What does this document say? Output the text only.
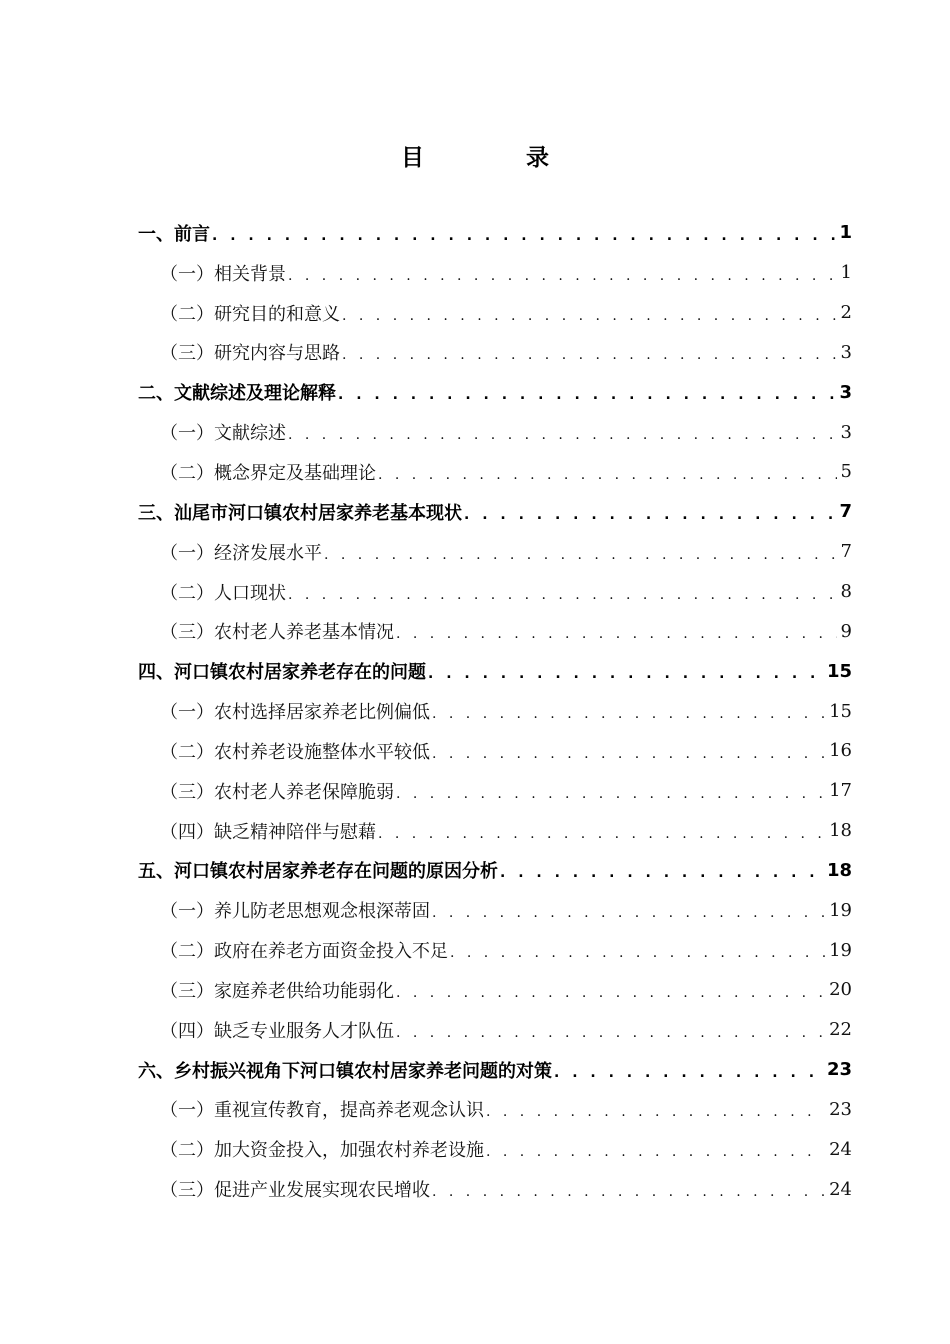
目录
一、前言 . . .	1
（一）相关背景 . . .	1
（二）研究目的和意义 . . .	2
（三）研究内容与思路 . . .	3
二、文献综述及理论解释 . . .	3
（一）文献综述 . . .	3
（二）概念界定及基础理论 . . .	5
三、汕尾市河口镇农村居家养老基本现状 . . .	7
（一）经济发展水平 . . .	7
（二）人口现状 . . .	8
（三）农村老人养老基本情况 . . .	9
四、河口镇农村居家养老存在的问题 . . .	15
（一）农村选择居家养老比例偏低 . . .	15
（二）农村养老设施整体水平较低 . . .	16
（三）农村老人养老保障脆弱 . . .	17
（四）缺乏精神陪伴与慰藉 . . .	18
五、河口镇农村居家养老存在问题的原因分析 . . .	18
（一）养儿防老思想观念根深蒂固 . . .	19
（二）政府在养老方面资金投入不足 . . .	19
（三）家庭养老供给功能弱化 . . .	20
（四）缺乏专业服务人才队伍 . . .	22
六、乡村振兴视角下河口镇农村居家养老问题的对策 . . .	23
（一）重视宣传教育，提高养老观念认识 . . .	23
（二）加大资金投入，加强农村养老设施 . . .	24
（三）促进产业发展实现农民增收 . . .	24
